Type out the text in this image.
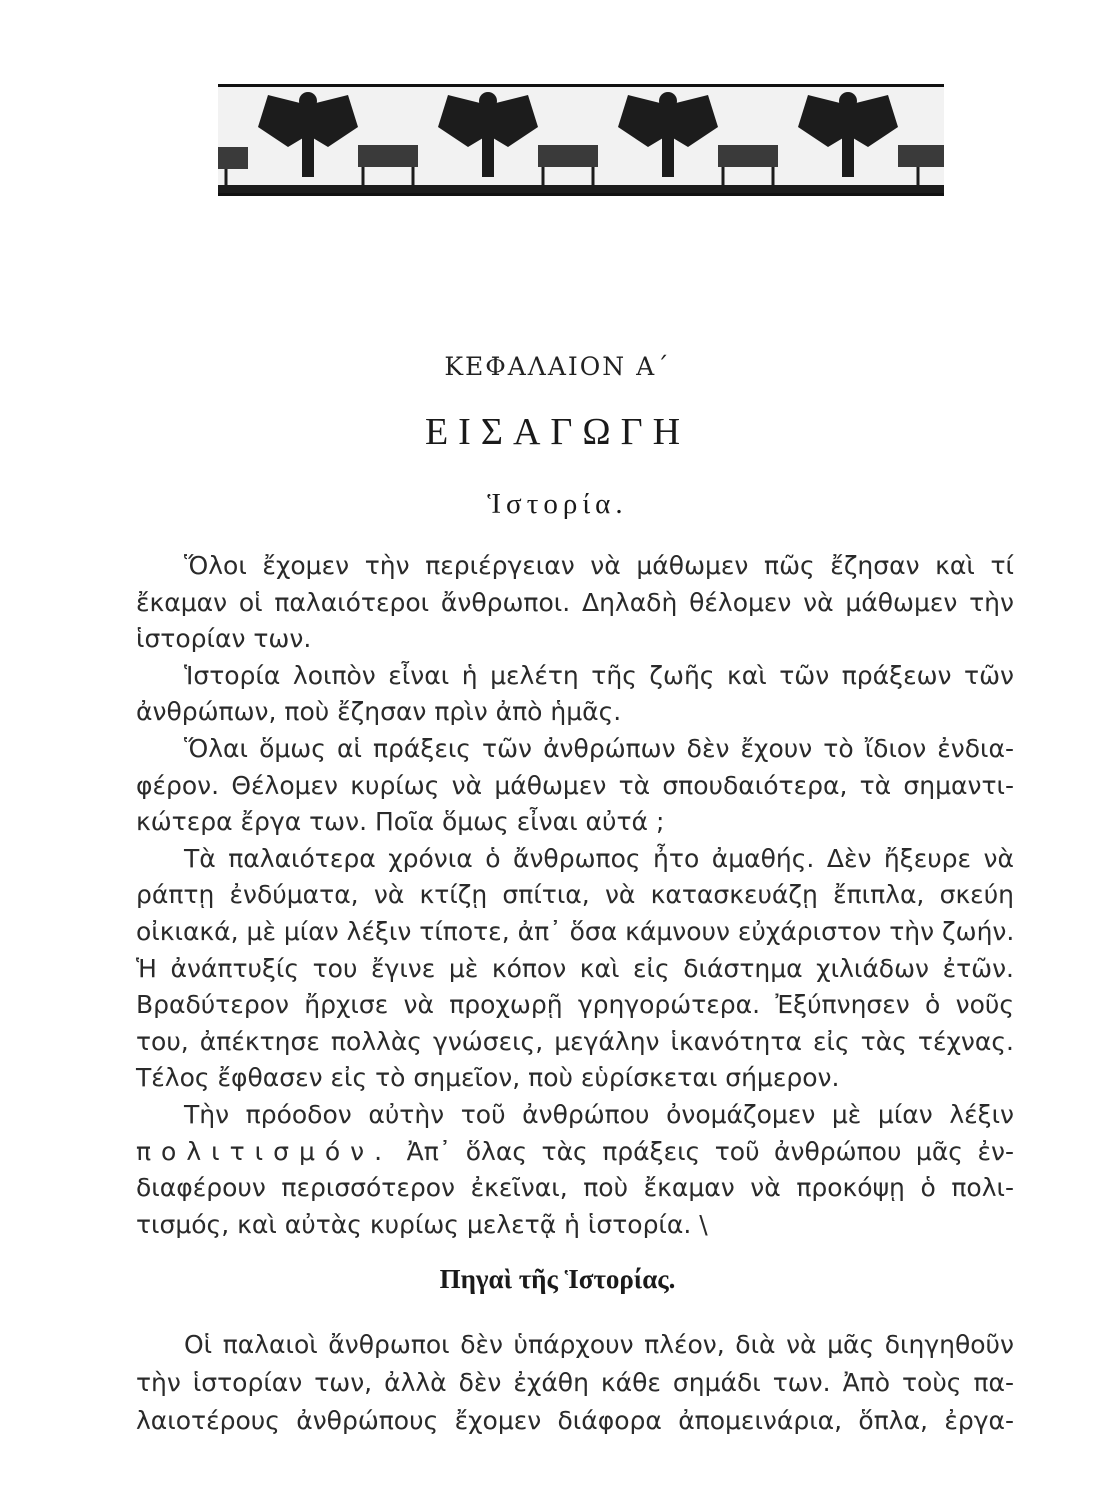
ΚΕΦΑΛΑΙΟΝ Α΄
ΕΙΣΑΓΩΓΗ
Ἱστορία.
Ὅλοι ἔχομεν τὴν περιέργειαν νὰ μάθωμεν πῶς ἔζησαν καὶ τί
ἔκαμαν οἱ παλαιότεροι ἄνθρωποι. Δηλαδὴ θέλομεν νὰ μάθωμεν τὴν
ἱστορίαν των.
Ἱστορία λοιπὸν εἶναι ἡ μελέτη τῆς ζωῆς καὶ τῶν πράξεων τῶν
ἀνθρώπων, ποὺ ἔζησαν πρὶν ἀπὸ ἡμᾶς.
Ὅλαι ὅμως αἱ πράξεις τῶν ἀνθρώπων δὲν ἔχουν τὸ ἴδιον ἐνδια-
φέρον. Θέλομεν κυρίως νὰ μάθωμεν τὰ σπουδαιότερα, τὰ σημαντι-
κώτερα ἔργα των. Ποῖα ὅμως εἶναι αὐτά ;
Τὰ παλαιότερα χρόνια ὁ ἄνθρωπος ἦτο ἀμαθής. Δὲν ἤξευρε νὰ
ράπτῃ ἐνδύματα, νὰ κτίζῃ σπίτια, νὰ κατασκευάζῃ ἔπιπλα, σκεύη
οἰκιακά, μὲ μίαν λέξιν τίποτε, ἀπ᾽ ὅσα κάμνουν εὐχάριστον τὴν ζωήν.
Ἡ ἀνάπτυξίς του ἔγινε μὲ κόπον καὶ εἰς διάστημα χιλιάδων ἐτῶν.
Βραδύτερον ἤρχισε νὰ προχωρῇ γρηγορώτερα. Ἐξύπνησεν ὁ νοῦς
του, ἀπέκτησε πολλὰς γνώσεις, μεγάλην ἱκανότητα εἰς τὰς τέχνας.
Τέλος ἔφθασεν εἰς τὸ σημεῖον, ποὺ εὑρίσκεται σήμερον.
Τὴν πρόοδον αὐτὴν τοῦ ἀνθρώπου ὀνομάζομεν μὲ μίαν λέξιν
πολιτισμόν. Ἀπ᾽ ὅλας τὰς πράξεις τοῦ ἀνθρώπου μᾶς ἐν-
διαφέρουν περισσότερον ἐκεῖναι, ποὺ ἔκαμαν νὰ προκόψῃ ὁ πολι-
τισμός, καὶ αὐτὰς κυρίως μελετᾷ ἡ ἱστορία. \
Πηγαὶ τῆς Ἱστορίας.
Οἱ παλαιοὶ ἄνθρωποι δὲν ὑπάρχουν πλέον, διὰ νὰ μᾶς διηγηθοῦν
τὴν ἱστορίαν των, ἀλλὰ δὲν ἐχάθη κάθε σημάδι των. Ἀπὸ τοὺς πα-
λαιοτέρους ἀνθρώπους ἔχομεν διάφορα ἀπομεινάρια, ὅπλα, ἐργα-
